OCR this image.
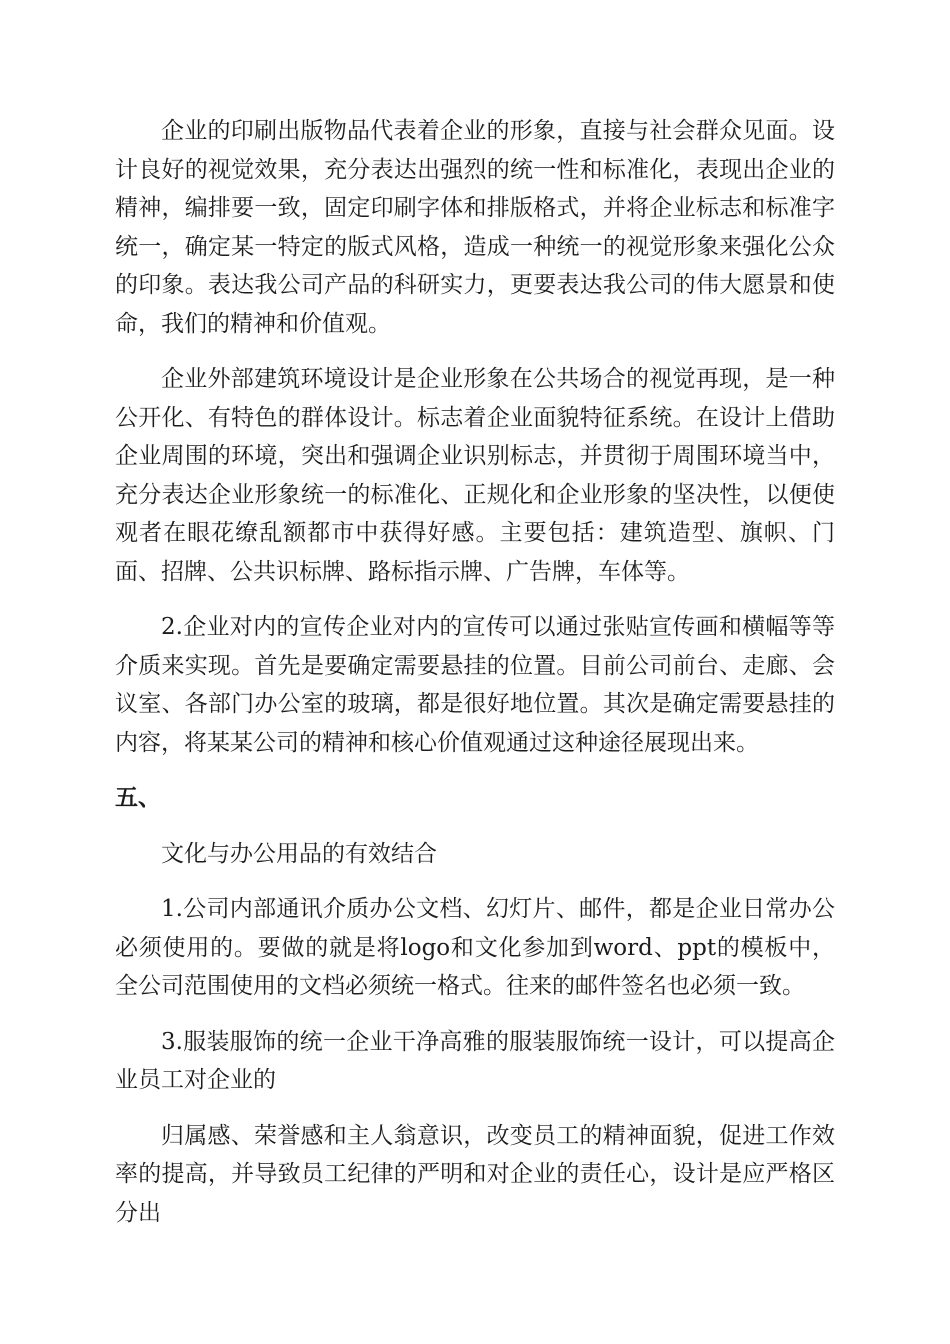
企业的印刷出版物品代表着企业的形象，直接与社会群众见面。设计良好的视觉效果，充分表达出强烈的统一性和标准化，表现出企业的精神，编排要一致，固定印刷字体和排版格式，并将企业标志和标准字统一，确定某一特定的版式风格，造成一种统一的视觉形象来强化公众的印象。表达我公司产品的科研实力，更要表达我公司的伟大愿景和使命，我们的精神和价值观。

企业外部建筑环境设计是企业形象在公共场合的视觉再现，是一种公开化、有特色的群体设计。标志着企业面貌特征系统。在设计上借助企业周围的环境，突出和强调企业识别标志，并贯彻于周围环境当中，充分表达企业形象统一的标准化、正规化和企业形象的坚决性，以便使观者在眼花缭乱额都市中获得好感。主要包括：建筑造型、旗帜、门面、招牌、公共识标牌、路标指示牌、广告牌，车体等。

2.企业对内的宣传企业对内的宣传可以通过张贴宣传画和横幅等等介质来实现。首先是要确定需要悬挂的位置。目前公司前台、走廊、会议室、各部门办公室的玻璃，都是很好地位置。其次是确定需要悬挂的内容，将某某公司的精神和核心价值观通过这种途径展现出来。

五、

文化与办公用品的有效结合

1.公司内部通讯介质办公文档、幻灯片、邮件，都是企业日常办公必须使用的。要做的就是将logo和文化参加到word、ppt的模板中，全公司范围使用的文档必须统一格式。往来的邮件签名也必须一致。

3.服装服饰的统一企业干净高雅的服装服饰统一设计，可以提高企业员工对企业的

归属感、荣誉感和主人翁意识，改变员工的精神面貌，促进工作效率的提高，并导致员工纪律的严明和对企业的责任心，设计是应严格区分出
